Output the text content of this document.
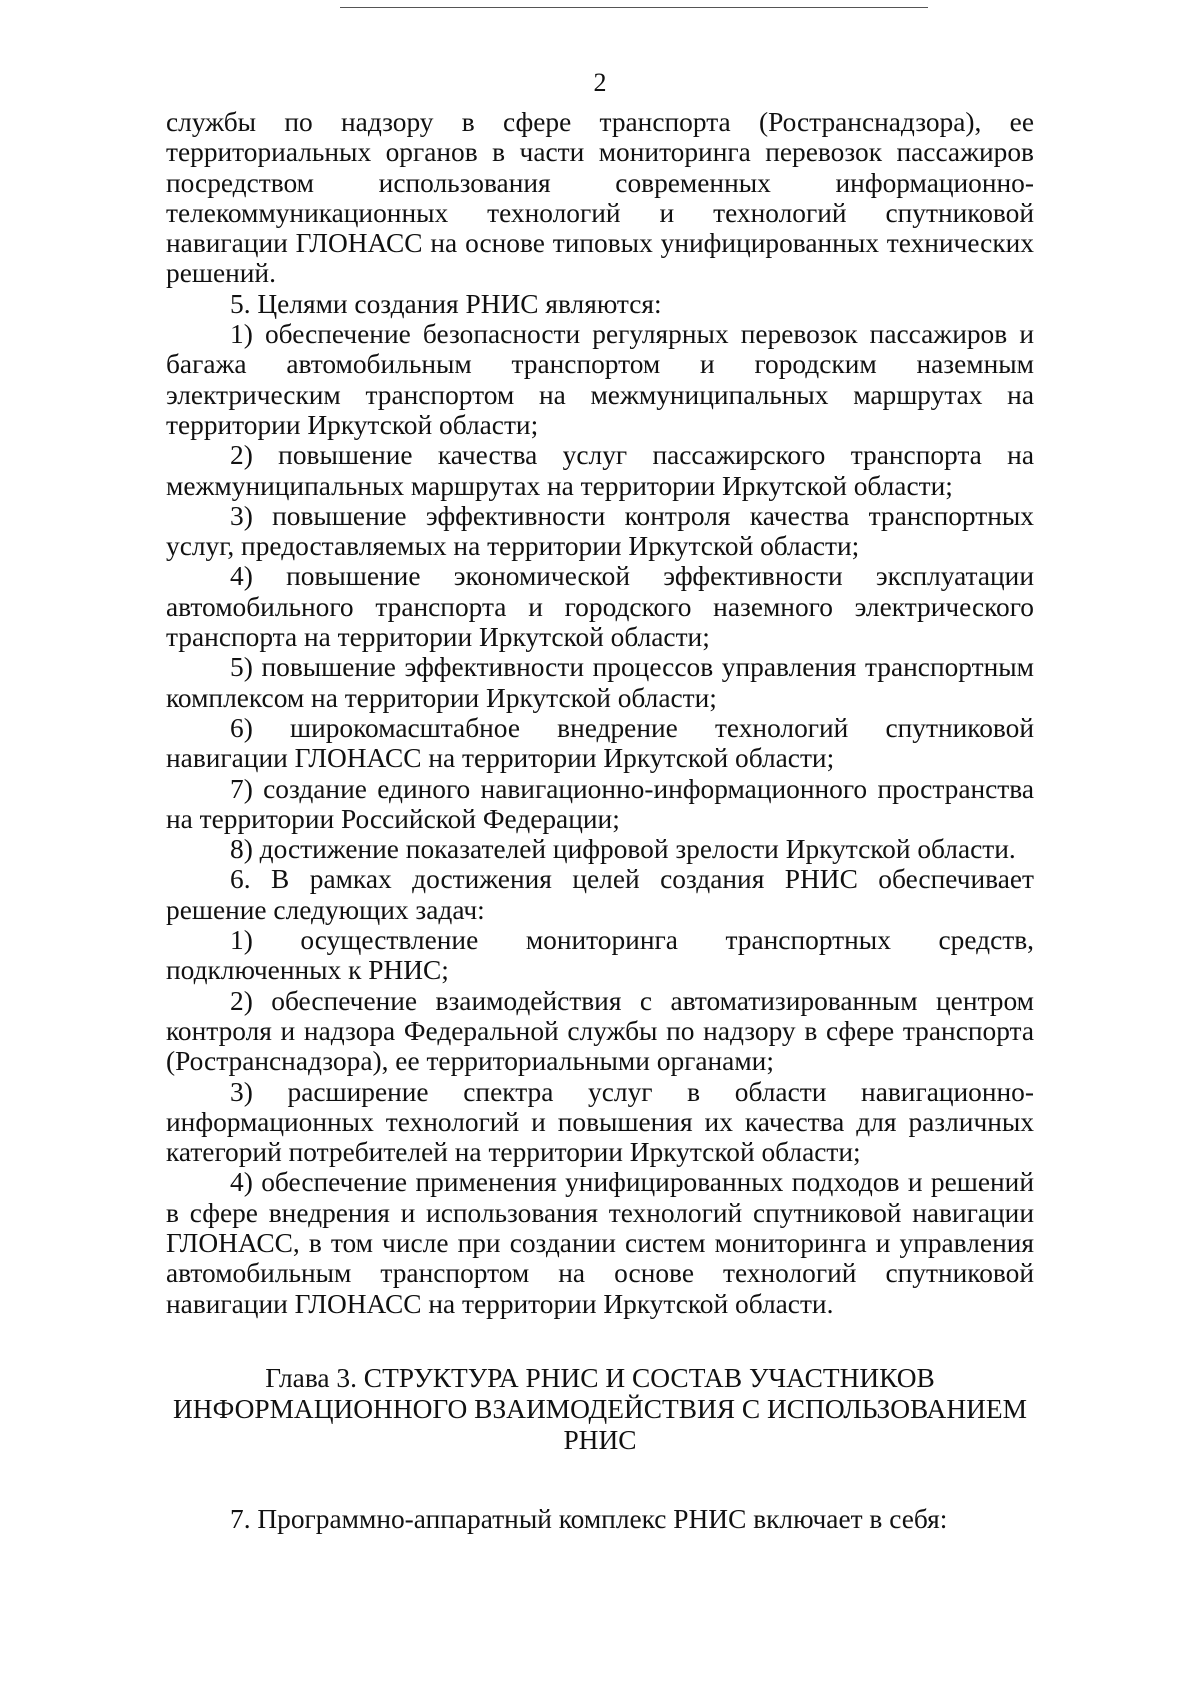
2

службы по надзору в сфере транспорта (Ространснадзора), ее территориальных органов в части мониторинга перевозок пассажиров посредством использования современных информационно-телекоммуникационных технологий и технологий спутниковой навигации ГЛОНАСС на основе типовых унифицированных технических решений.

5. Целями создания РНИС являются:

1) обеспечение безопасности регулярных перевозок пассажиров и багажа автомобильным транспортом и городским наземным электрическим транспортом на межмуниципальных маршрутах на территории Иркутской области;

2) повышение качества услуг пассажирского транспорта на межмуниципальных маршрутах на территории Иркутской области;

3) повышение эффективности контроля качества транспортных услуг, предоставляемых на территории Иркутской области;

4) повышение экономической эффективности эксплуатации автомобильного транспорта и городского наземного электрического транспорта на территории Иркутской области;

5) повышение эффективности процессов управления транспортным комплексом на территории Иркутской области;

6) широкомасштабное внедрение технологий спутниковой навигации ГЛОНАСС на территории Иркутской области;

7) создание единого навигационно-информационного пространства на территории Российской Федерации;

8) достижение показателей цифровой зрелости Иркутской области.

6. В рамках достижения целей создания РНИС обеспечивает решение следующих задач:

1) осуществление мониторинга транспортных средств, подключенных к РНИС;

2) обеспечение взаимодействия с автоматизированным центром контроля и надзора Федеральной службы по надзору в сфере транспорта (Ространснадзора), ее территориальными органами;

3) расширение спектра услуг в области навигационно-информационных технологий и повышения их качества для различных категорий потребителей на территории Иркутской области;

4) обеспечение применения унифицированных подходов и решений в сфере внедрения и использования технологий спутниковой навигации ГЛОНАСС, в том числе при создании систем мониторинга и управления автомобильным транспортом на основе технологий спутниковой навигации ГЛОНАСС на территории Иркутской области.

Глава 3. СТРУКТУРА РНИС И СОСТАВ УЧАСТНИКОВ
ИНФОРМАЦИОННОГО ВЗАИМОДЕЙСТВИЯ С ИСПОЛЬЗОВАНИЕМ
РНИС

7. Программно-аппаратный комплекс РНИС включает в себя:
